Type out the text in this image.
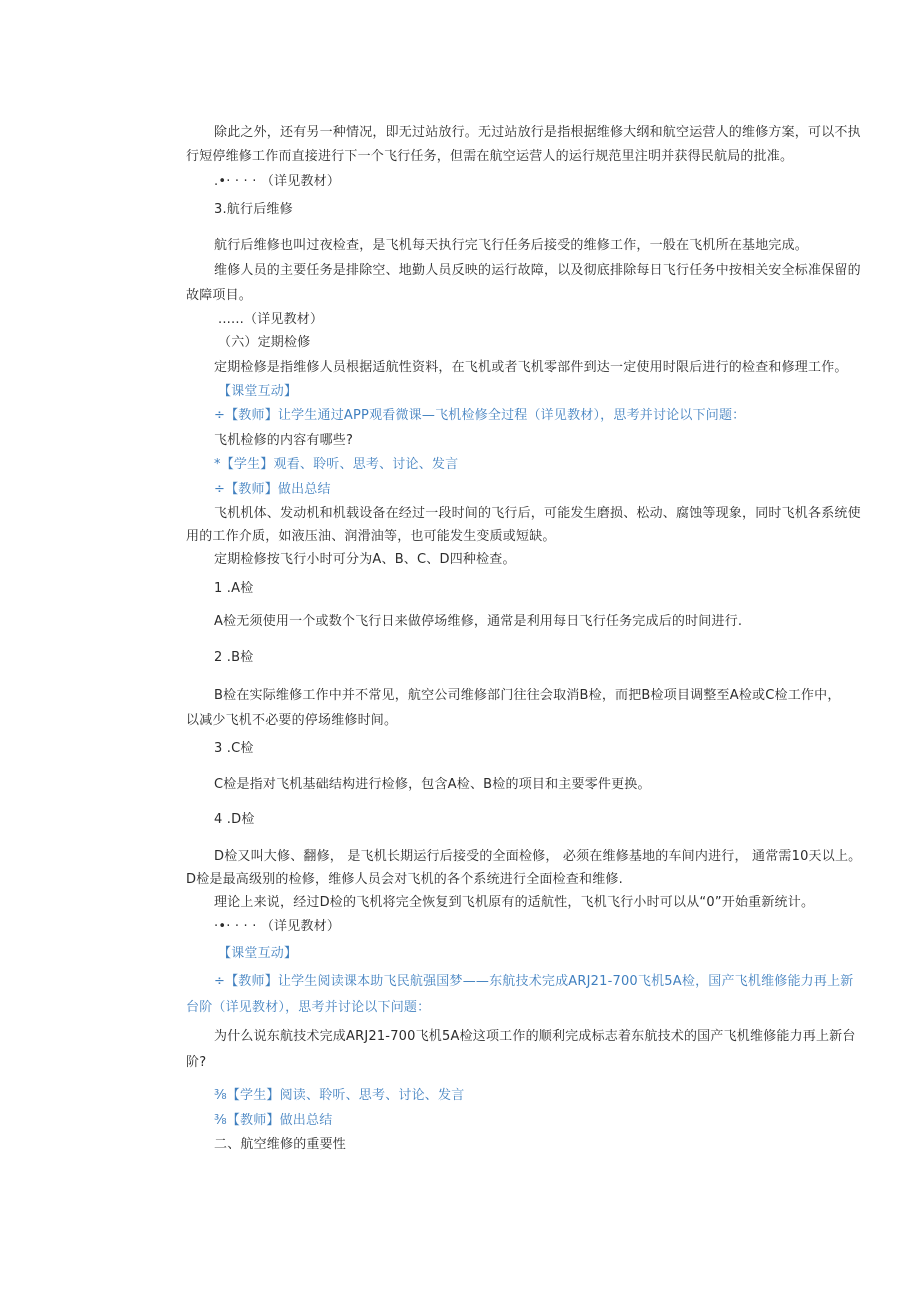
除此之外，还有另一种情况，即无过站放行。无过站放行是指根据维修大纲和航空运营人的维修方案，可以不执
行短停维修工作而直接进行下一个飞行任务，但需在航空运营人的运行规范里注明并获得民航局的批准。
.•· · · · （详见教材）
3.航行后维修
航行后维修也叫过夜检查，是飞机每天执行完飞行任务后接受的维修工作，一般在飞机所在基地完成。
维修人员的主要任务是排除空、地勤人员反映的运行故障，以及彻底排除每日飞行任务中按相关安全标准保留的
故障项目。
......（详见教材）
（六）定期检修
定期检修是指维修人员根据适航性资料，在飞机或者飞机零部件到达一定使用时限后进行的检查和修理工作。
【课堂互动】
÷【教师】让学生通过APP观看微课—飞机检修全过程（详见教材），思考并讨论以下问题：
飞机检修的内容有哪些?
*【学生】观看、聆听、思考、讨论、发言
÷【教师】做出总结
飞机机体、发动机和机载设备在经过一段时间的飞行后，可能发生磨损、松动、腐蚀等现象，同时飞机各系统使
用的工作介质，如液压油、润滑油等，也可能发生变质或短缺。
定期检修按飞行小时可分为A、B、C、D四种检查。
1 .A检
A检无须使用一个或数个飞行日来做停场维修，通常是利用每日飞行任务完成后的时间进行.
2 .B检
B检在实际维修工作中并不常见，航空公司维修部门往往会取消B检，而把B检项目调整至A检或C检工作中，
以减少飞机不必要的停场维修时间。
3 .C检
C检是指对飞机基础结构进行检修，包含A检、B检的项目和主要零件更换。
4 .D检
D检又叫大修、翻修， 是飞机长期运行后接受的全面检修， 必须在维修基地的车间内进行， 通常需10天以上。
D检是最高级别的检修，维修人员会对飞机的各个系统进行全面检查和维修.
理论上来说，经过D检的飞机将完全恢复到飞机原有的适航性，飞机飞行小时可以从“0”开始重新统计。
·•· · · · （详见教材）
【课堂互动】
÷【教师】让学生阅读课本助飞民航强国梦——东航技术完成ARJ21-700飞机5A检，国产飞机维修能力再上新
台阶（详见教材），思考并讨论以下问题：
为什么说东航技术完成ARJ21-700飞机5A检这项工作的顺利完成标志着东航技术的国产飞机维修能力再上新台
阶?
⅜【学生】阅读、聆听、思考、讨论、发言
⅜【教师】做出总结
二、航空维修的重要性
